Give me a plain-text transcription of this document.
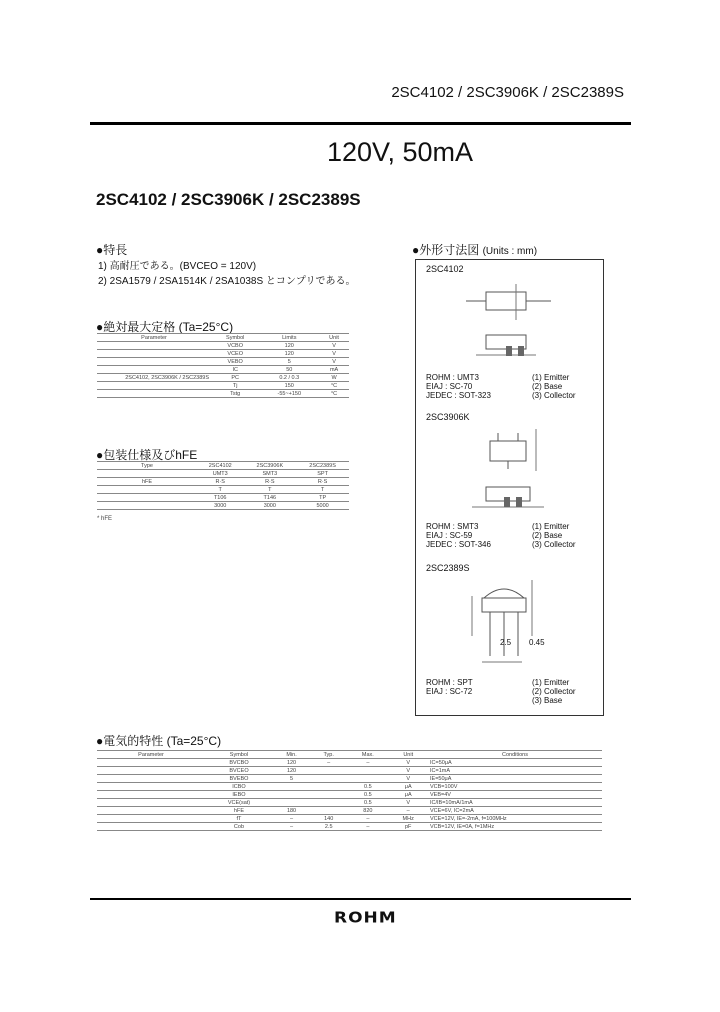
2SC4102 / 2SC3906K / 2SC2389S
120V, 50mA
2SC4102 / 2SC3906K / 2SC2389S
●特長
1) 高耐圧である。(BVCEO = 120V)
2) 2SA1579 / 2SA1514K / 2SA1038S とコンプリである。
●絶対最大定格 (Ta=25°C)
Parameter	Symbol	Limits	Unit
	VCBO	120	V
	VCEO	120	V
	VEBO	5	V
	IC	50	mA
2SC4102, 2SC3906K / 2SC2389S	PC	0.2 / 0.3	W
	Tj	150	°C
	Tstg	-55~+150	°C
●包装仕様及びhFE
Type	2SC4102	2SC3906K	2SC2389S
	UMT3	SMT3	SPT
hFE	R·S	R·S	R·S
	T	T	T
	T106	T146	TP
	3000	3000	5000
* hFE
●外形寸法図 (Units : mm)
2SC4102
ROHM : UMT3
EIAJ : SC-70
JEDEC : SOT-323
(1) Emitter
(2) Base
(3) Collector
2SC3906K
ROHM : SMT3
EIAJ : SC-59
JEDEC : SOT-346
(1) Emitter
(2) Base
(3) Collector
2SC2389S
2.5 0.45
ROHM : SPT
EIAJ : SC-72
(1) Emitter
(2) Collector
(3) Base
●電気的特性 (Ta=25°C)
Parameter	Symbol	Min.	Typ.	Max.	Unit	Conditions
	BVCBO	120	–	–	V	IC=50μA
	BVCEO	120			V	IC=1mA
	BVEBO	5			V	IE=50μA
	ICBO			0.5	μA	VCB=100V
	IEBO			0.5	μA	VEB=4V
	VCE(sat)			0.5	V	IC/IB=10mA/1mA
	hFE	180		820	–	VCE=6V, IC=2mA
	fT	–	140	–	MHz	VCE=12V, IE=-2mA, f=100MHz
	Cob	–	2.5	–	pF	VCB=12V, IE=0A, f=1MHz
ROHM
